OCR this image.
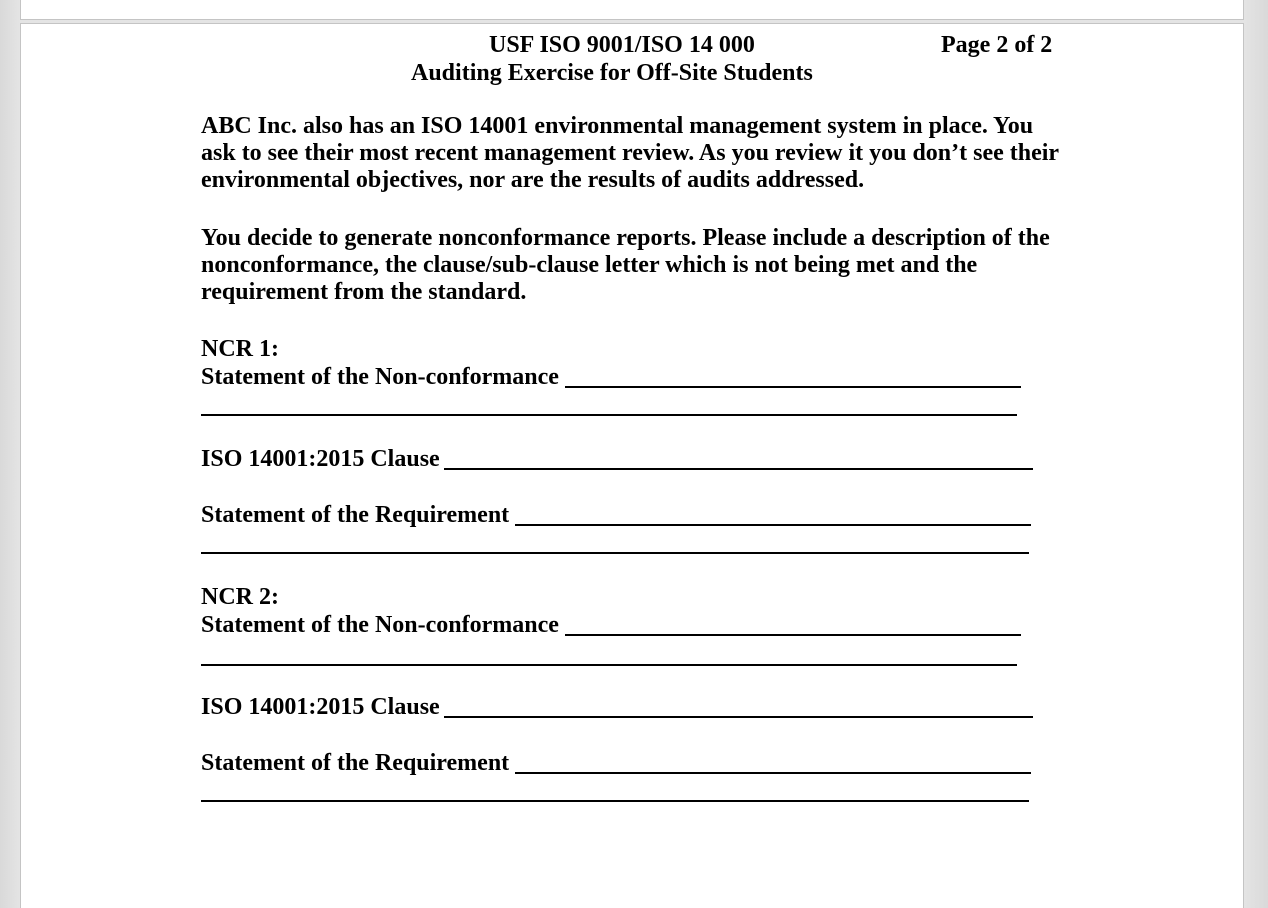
USF ISO 9001/ISO 14 000	Page 2 of 2
Auditing Exercise for Off-Site Students
ABC Inc. also has an ISO 14001 environmental management system in place. You
ask to see their most recent management review. As you review it you don’t see their
environmental objectives, nor are the results of audits addressed.
You decide to generate nonconformance reports. Please include a description of the
nonconformance, the clause/sub-clause letter which is not being met and the
requirement from the standard.
NCR 1:
Statement of the Non-conformance
ISO 14001:2015 Clause
Statement of the Requirement
NCR 2:
Statement of the Non-conformance
ISO 14001:2015 Clause
Statement of the Requirement
